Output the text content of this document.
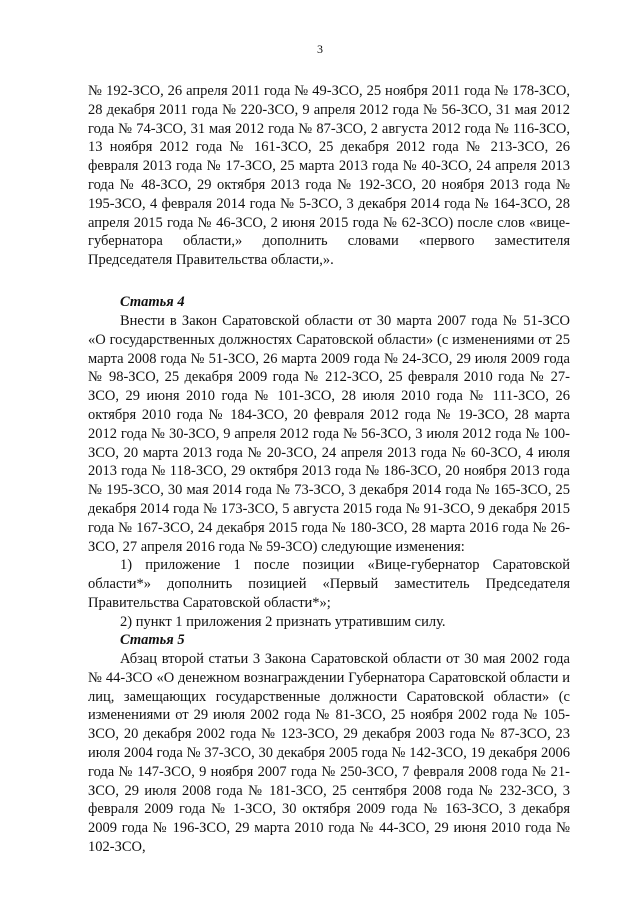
3

№ 192-ЗСО, 26 апреля 2011 года № 49-ЗСО, 25 ноября 2011 года № 178-ЗСО, 28 декабря 2011 года № 220-ЗСО, 9 апреля 2012 года № 56-ЗСО, 31 мая 2012 года № 74-ЗСО, 31 мая 2012 года № 87-ЗСО, 2 августа 2012 года № 116-ЗСО, 13 ноября 2012 года № 161-ЗСО, 25 декабря 2012 года № 213-ЗСО, 26 февраля 2013 года № 17-ЗСО, 25 марта 2013 года № 40-ЗСО, 24 апреля 2013 года № 48-ЗСО, 29 октября 2013 года № 192-ЗСО, 20 ноября 2013 года № 195-ЗСО, 4 февраля 2014 года № 5-ЗСО, 3 декабря 2014 года № 164-ЗСО, 28 апреля 2015 года № 46-ЗСО, 2 июня 2015 года № 62-ЗСО) после слов «вице-губернатора области,» дополнить словами «первого заместителя Председателя Правительства области,».

Статья 4

Внести в Закон Саратовской области от 30 марта 2007 года № 51-ЗСО «О государственных должностях Саратовской области» (с изменениями от 25 марта 2008 года № 51-ЗСО, 26 марта 2009 года № 24-ЗСО, 29 июля 2009 года № 98-ЗСО, 25 декабря 2009 года № 212-ЗСО, 25 февраля 2010 года № 27-ЗСО, 29 июня 2010 года № 101-ЗСО, 28 июля 2010 года № 111-ЗСО, 26 октября 2010 года № 184-ЗСО, 20 февраля 2012 года № 19-ЗСО, 28 марта 2012 года № 30-ЗСО, 9 апреля 2012 года № 56-ЗСО, 3 июля 2012 года № 100-ЗСО, 20 марта 2013 года № 20-ЗСО, 24 апреля 2013 года № 60-ЗСО, 4 июля 2013 года № 118-ЗСО, 29 октября 2013 года № 186-ЗСО, 20 ноября 2013 года № 195-ЗСО, 30 мая 2014 года № 73-ЗСО, 3 декабря 2014 года № 165-ЗСО, 25 декабря 2014 года № 173-ЗСО, 5 августа 2015 года № 91-ЗСО, 9 декабря 2015 года № 167-ЗСО, 24 декабря 2015 года № 180-ЗСО, 28 марта 2016 года № 26-ЗСО, 27 апреля 2016 года № 59-ЗСО) следующие изменения:

1) приложение 1 после позиции «Вице-губернатор Саратовской области*» дополнить позицией «Первый заместитель Председателя Правительства Саратовской области*»;

2) пункт 1 приложения 2 признать утратившим силу.

Статья 5

Абзац второй статьи 3 Закона Саратовской области от 30 мая 2002 года № 44-ЗСО «О денежном вознаграждении Губернатора Саратовской области и лиц, замещающих государственные должности Саратовской области» (с изменениями от 29 июля 2002 года № 81-ЗСО, 25 ноября 2002 года № 105-ЗСО, 20 декабря 2002 года № 123-ЗСО, 29 декабря 2003 года № 87-ЗСО, 23 июля 2004 года № 37-ЗСО, 30 декабря 2005 года № 142-ЗСО, 19 декабря 2006 года № 147-ЗСО, 9 ноября 2007 года № 250-ЗСО, 7 февраля 2008 года № 21-ЗСО, 29 июля 2008 года № 181-ЗСО, 25 сентября 2008 года № 232-ЗСО, 3 февраля 2009 года № 1-ЗСО, 30 октября 2009 года № 163-ЗСО, 3 декабря 2009 года № 196-ЗСО, 29 марта 2010 года № 44-ЗСО, 29 июня 2010 года № 102-ЗСО,
